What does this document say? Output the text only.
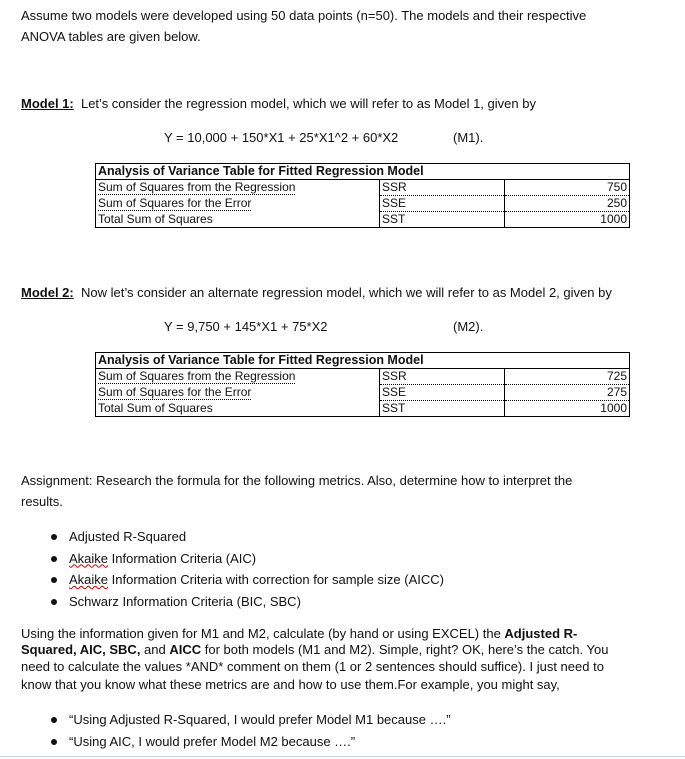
Assume two models were developed using 50 data points (n=50). The models and their respective
ANOVA tables are given below.
Model 1: Let’s consider the regression model, which we will refer to as Model 1, given by
Y = 10,000 + 150*X1 + 25*X1^2 + 60*X2	(M1).
Analysis of Variance Table for Fitted Regression Model		
Sum of Squares from the Regression	SSR	750
Sum of Squares for the Error	SSE	250
Total Sum of Squares	SST	1000
Model 2: Now let’s consider an alternate regression model, which we will refer to as Model 2, given by
Y = 9,750 + 145*X1 + 75*X2	(M2).
Analysis of Variance Table for Fitted Regression Model		
Sum of Squares from the Regression	SSR	725
Sum of Squares for the Error	SSE	275
Total Sum of Squares	SST	1000
Assignment: Research the formula for the following metrics. Also, determine how to interpret the
results.
Adjusted R-Squared
Akaike Information Criteria (AIC)
Akaike Information Criteria with correction for sample size (AICC)
Schwarz Information Criteria (BIC, SBC)
Using the information given for M1 and M2, calculate (by hand or using EXCEL) the Adjusted R-
Squared, AIC, SBC, and AICC for both models (M1 and M2). Simple, right? OK, here’s the catch. You
need to calculate the values *AND* comment on them (1 or 2 sentences should suffice). I just need to
know that you know what these metrics are and how to use them.For example, you might say,
“Using Adjusted R-Squared, I would prefer Model M1 because ….”
“Using AIC, I would prefer Model M2 because ….”
